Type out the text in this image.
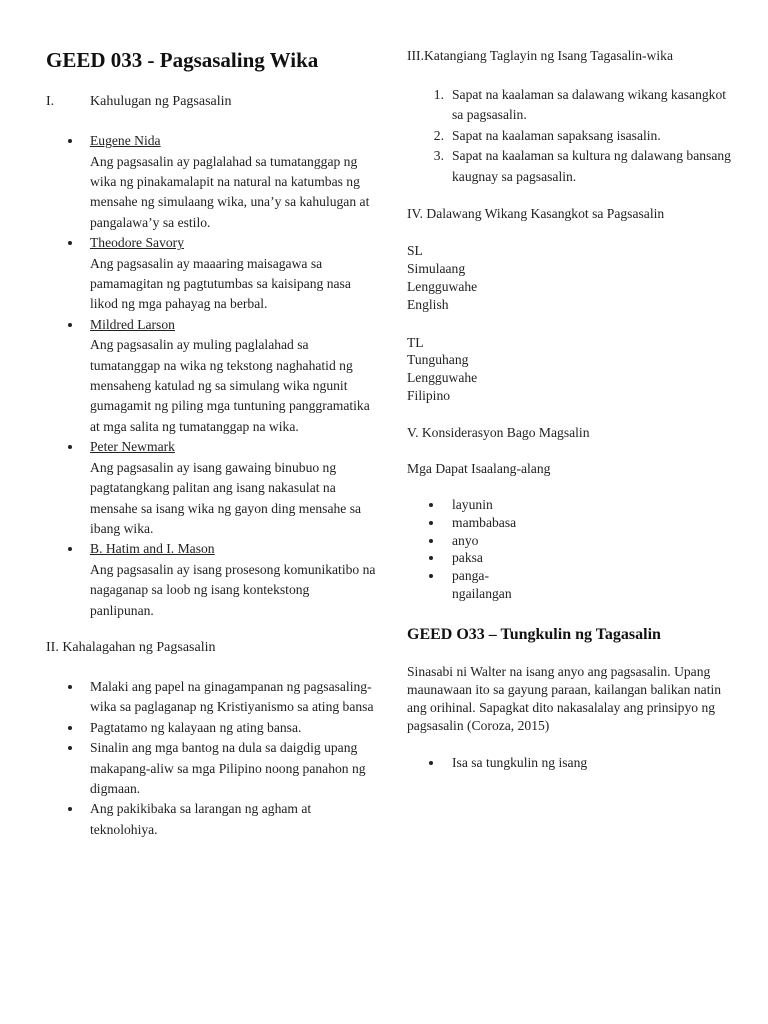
GEED 033 - Pagsasaling Wika
I.	Kahulugan ng Pagsasalin
Eugene Nida
Ang pagsasalin ay paglalahad sa tumatanggap ng wika ng pinakamalapit na natural na katumbas ng mensahe ng simulaang wika, una’y sa kahulugan at pangalawa’y sa estilo.
Theodore Savory
Ang pagsasalin ay maaaring maisagawa sa pamamagitan ng pagtutumbas sa kaisipang nasa likod ng mga pahayag na berbal.
Mildred Larson
Ang pagsasalin ay muling paglalahad sa tumatanggap na wika ng tekstong naghahatid ng mensaheng katulad ng sa simulang wika ngunit gumagamit ng piling mga tuntuning panggramatika at mga salita ng tumatanggap na wika.
Peter Newmark
Ang pagsasalin ay isang gawaing binubuo ng pagtatangkang palitan ang isang nakasulat na mensahe sa isang wika ng gayon ding mensahe sa ibang wika.
B. Hatim and I. Mason
Ang pagsasalin ay isang prosesong komunikatibo na nagaganap sa loob ng isang kontekstong panlipunan.

II. Kahalagahan ng Pagsasalin

Malaki ang papel na ginagampanan ng pagsasaling-wika sa paglaganap ng Kristiyanismo sa ating bansa
Pagtatamo ng kalayaan ng ating bansa.
Sinalin ang mga bantog na dula sa daigdig upang makapang-aliw sa mga Pilipino noong panahon ng digmaan.
Ang pakikibaka sa larangan ng agham at teknolohiya.

III.Katangiang Taglayin ng Isang Tagasalin-wika

1. Sapat na kaalaman sa dalawang wikang kasangkot sa pagsasalin.
2. Sapat na kaalaman sapaksang isasalin.
3. Sapat na kaalaman sa kultura ng dalawang bansang kaugnay sa pagsasalin.

IV. Dalawang Wikang Kasangkot sa Pagsasalin

SL

Simulaang

Lengguwahe

English

TL

Tunguhang

Lengguwahe

Filipino

V. Konsiderasyon Bago Magsalin

Mga Dapat Isaalang-alang

layunin
mambabasa
anyo
paksa
panga-ngailangan
GEED O33 – Tungkulin ng Tagasalin

Sinasabi ni Walter na isang anyo ang pagsasalin. Upang maunawaan ito sa gayung paraan, kailangan balikan natin ang orihinal. Sapagkat dito nakasalalay ang prinsipyo ng pagsasalin (Coroza, 2015)

Isa sa tungkulin ng isang
